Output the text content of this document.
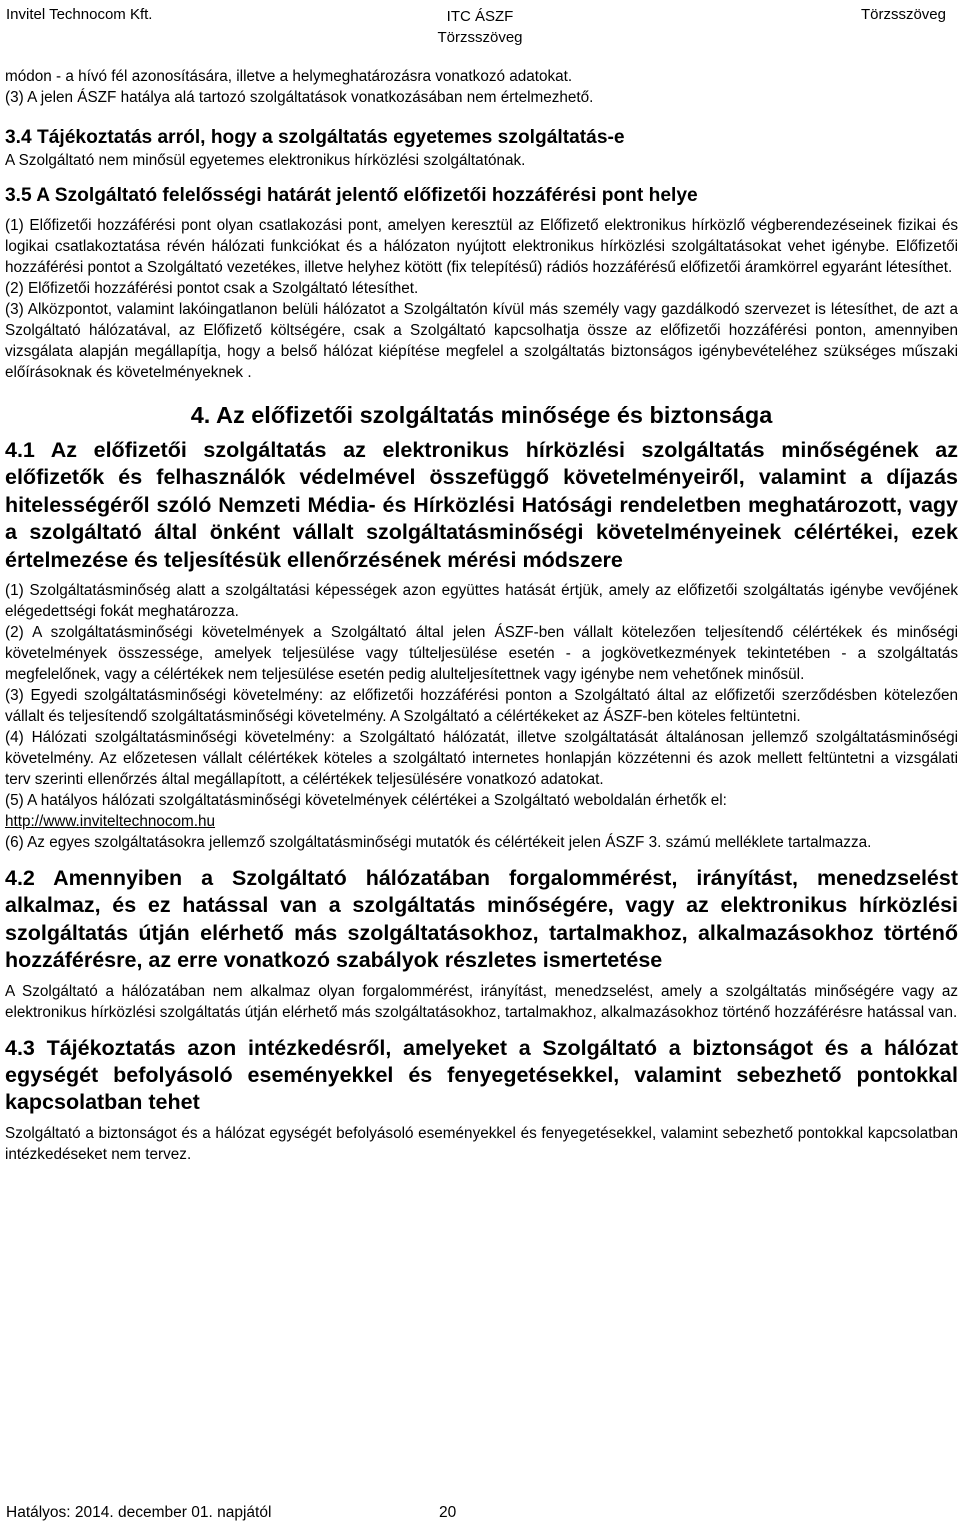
Invitel Technocom Kft.	ITC ÁSZF
Törzsszöveg
Törzsszöveg

módon - a hívó fél azonosítására, illetve a helymeghatározásra vonatkozó adatokat.

(3) A jelen ÁSZF hatálya alá tartozó szolgáltatások vonatkozásában nem értelmezhető.

3.4 Tájékoztatás arról, hogy a szolgáltatás egyetemes szolgáltatás-e

A Szolgáltató nem minősül egyetemes elektronikus hírközlési szolgáltatónak.

3.5 A Szolgáltató felelősségi határát jelentő előfizetői hozzáférési pont helye

(1) Előfizetői hozzáférési pont olyan csatlakozási pont, amelyen keresztül az Előfizető elektronikus hírközlő végberendezéseinek fizikai és logikai csatlakoztatása révén hálózati funkciókat és a hálózaton nyújtott elektronikus hírközlési szolgáltatásokat vehet igénybe. Előfizetői hozzáférési pontot a Szolgáltató vezetékes, illetve helyhez kötött (fix telepítésű) rádiós hozzáférésű előfizetői áramkörrel egyaránt létesíthet.

(2) Előfizetői hozzáférési pontot csak a Szolgáltató létesíthet.

(3) Alközpontot, valamint lakóingatlanon belüli hálózatot a Szolgáltatón kívül más személy vagy gazdálkodó szervezet is létesíthet, de azt a Szolgáltató hálózatával, az Előfizető költségére, csak a Szolgáltató kapcsolhatja össze az előfizetői hozzáférési ponton, amennyiben vizsgálata alapján megállapítja, hogy a belső hálózat kiépítése megfelel a szolgáltatás biztonságos igénybevételéhez szükséges műszaki előírásoknak és követelményeknek .

4. Az előfizetői szolgáltatás minősége és biztonsága

4.1 Az előfizetői szolgáltatás az elektronikus hírközlési szolgáltatás minőségének az előfizetők és felhasználók védelmével összefüggő követelményeiről, valamint a díjazás hitelességéről szóló Nemzeti Média- és Hírközlési Hatósági rendeletben meghatározott, vagy a szolgáltató által önként vállalt szolgáltatásminőségi követelményeinek célértékei, ezek értelmezése és teljesítésük ellenőrzésének mérési módszere

(1) Szolgáltatásminőség alatt a szolgáltatási képességek azon együttes hatását értjük, amely az előfizetői szolgáltatás igénybe vevőjének elégedettségi fokát meghatározza.

(2) A szolgáltatásminőségi követelmények a Szolgáltató által jelen ÁSZF-ben vállalt kötelezően teljesítendő célértékek és minőségi követelmények összessége, amelyek teljesülése vagy túlteljesülése esetén - a jogkövetkezmények tekintetében - a szolgáltatás megfelelőnek, vagy a célértékek nem teljesülése esetén pedig alulteljesítettnek vagy igénybe nem vehetőnek minősül.

(3) Egyedi szolgáltatásminőségi követelmény: az előfizetői hozzáférési ponton a Szolgáltató által az előfizetői szerződésben kötelezően vállalt és teljesítendő szolgáltatásminőségi követelmény. A Szolgáltató a célértékeket az ÁSZF-ben köteles feltüntetni.

(4) Hálózati szolgáltatásminőségi követelmény: a Szolgáltató hálózatát, illetve szolgáltatását általánosan jellemző szolgáltatásminőségi követelmény. Az előzetesen vállalt célértékek köteles a szolgáltató internetes honlapján közzétenni és azok mellett feltüntetni a vizsgálati terv szerinti ellenőrzés által megállapított, a célértékek teljesülésére vonatkozó adatokat.

(5) A hatályos hálózati szolgáltatásminőségi követelmények célértékei a Szolgáltató weboldalán érhetők el:

http://www.inviteltechnocom.hu

(6) Az egyes szolgáltatásokra jellemző szolgáltatásminőségi mutatók és célértékeit jelen ÁSZF 3. számú melléklete tartalmazza.

4.2 Amennyiben a Szolgáltató hálózatában forgalommérést, irányítást, menedzselést alkalmaz, és ez hatással van a szolgáltatás minőségére, vagy az elektronikus hírközlési szolgáltatás útján elérhető más szolgáltatásokhoz, tartalmakhoz, alkalmazásokhoz történő hozzáférésre, az erre vonatkozó szabályok részletes ismertetése

A Szolgáltató a hálózatában nem alkalmaz olyan forgalommérést, irányítást, menedzselést, amely a szolgáltatás minőségére vagy az elektronikus hírközlési szolgáltatás útján elérhető más szolgáltatásokhoz, tartalmakhoz, alkalmazásokhoz történő hozzáférésre hatással van.

4.3 Tájékoztatás azon intézkedésről, amelyeket a Szolgáltató a biztonságot és a hálózat egységét befolyásoló eseményekkel és fenyegetésekkel, valamint sebezhető pontokkal kapcsolatban tehet

Szolgáltató a biztonságot és a hálózat egységét befolyásoló eseményekkel és fenyegetésekkel, valamint sebezhető pontokkal kapcsolatban intézkedéseket nem tervez.

Hatályos: 2014. december 01. napjától	20
